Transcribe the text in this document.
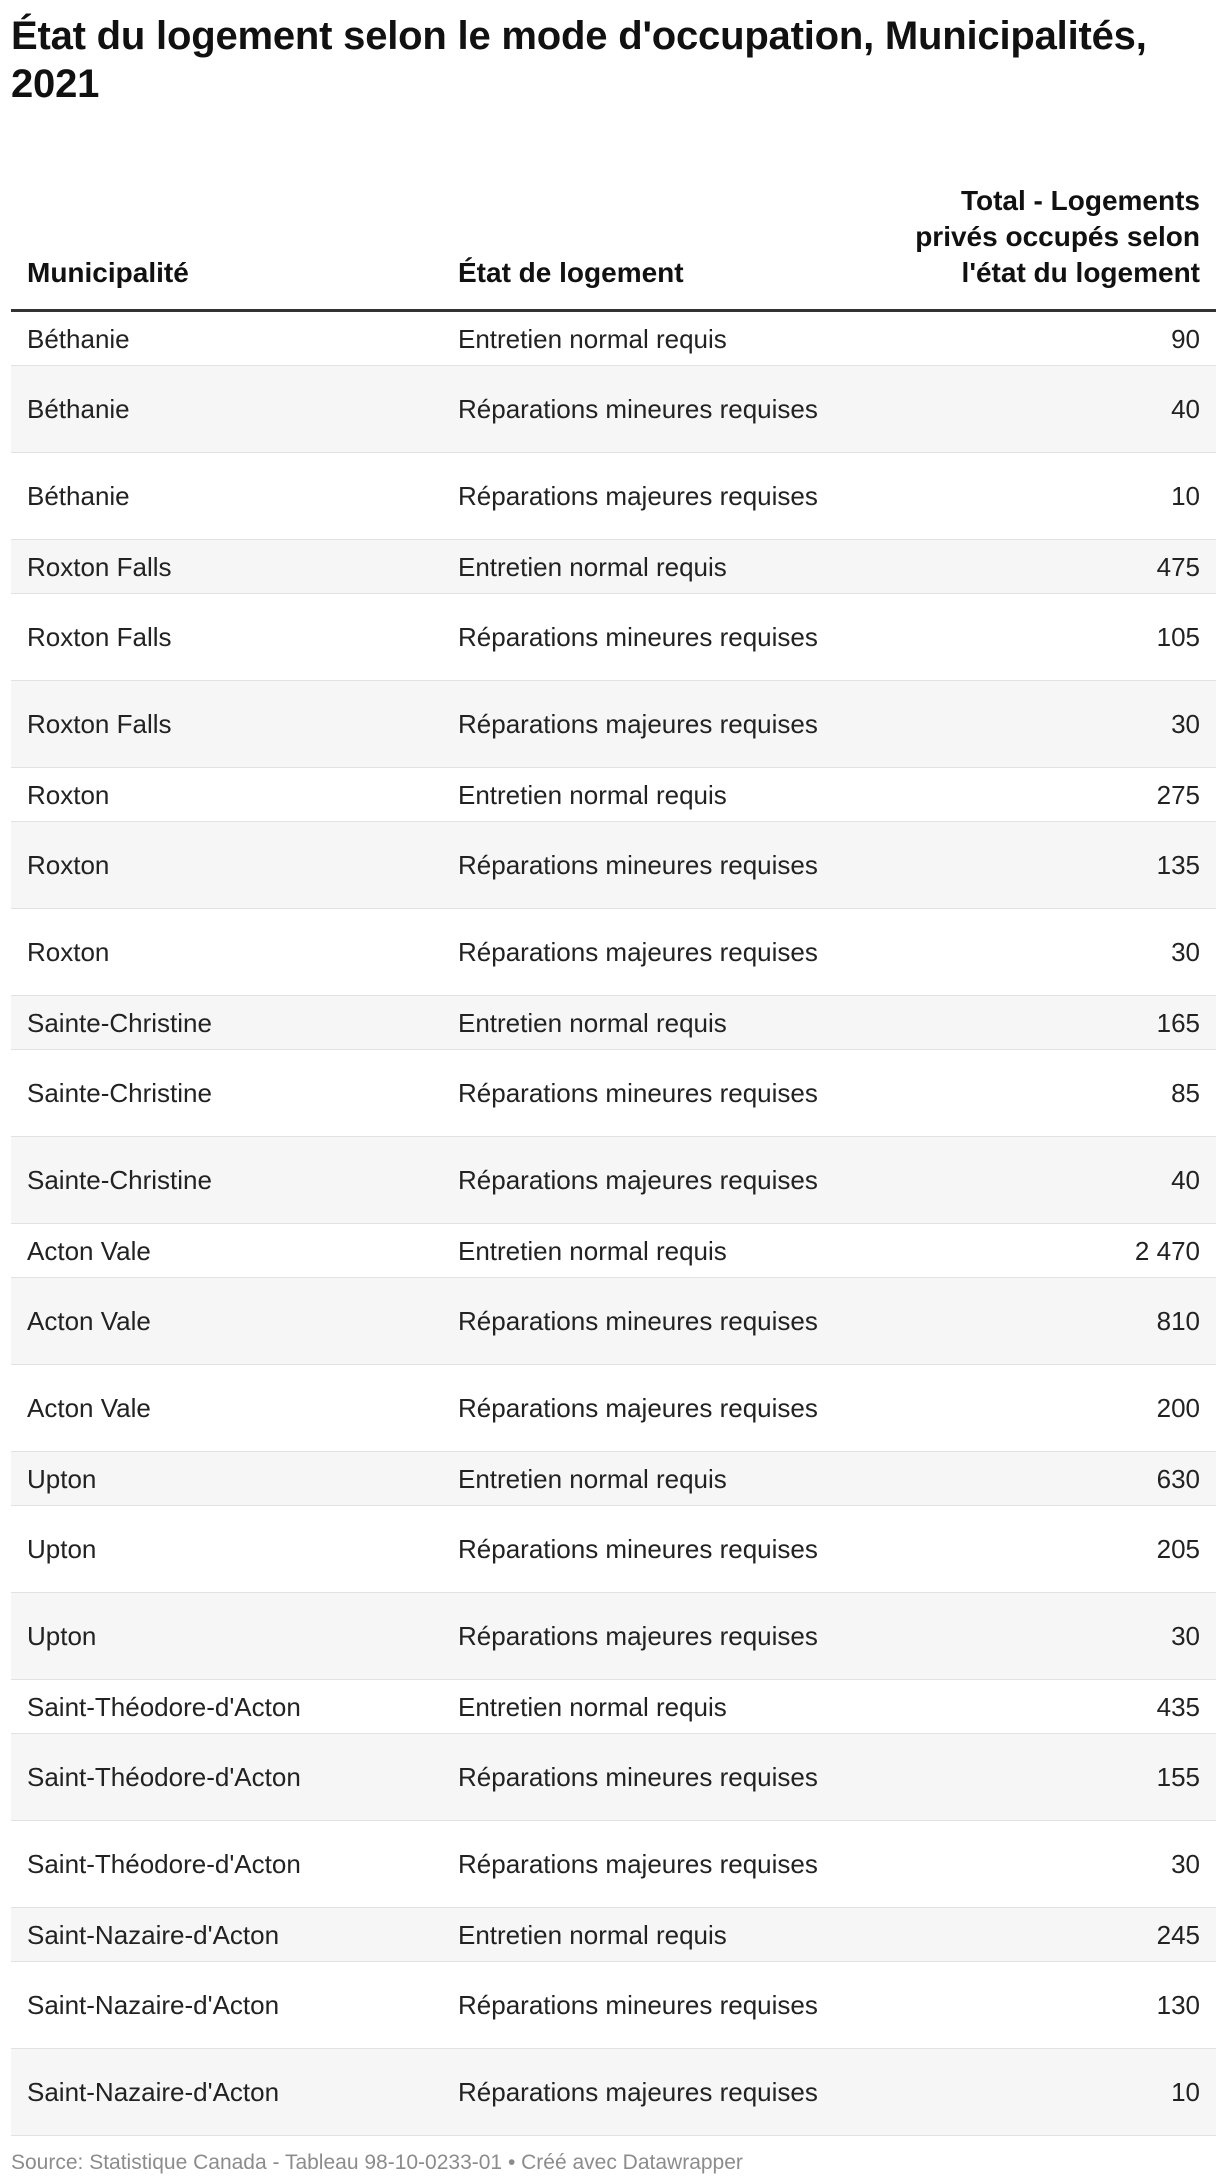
État du logement selon le mode d'occupation, Municipalités, 2021
Municipalité	État de logement	Total - Logements privés occupés selon l'état du logement
Béthanie	Entretien normal requis	90
Béthanie	Réparations mineures requises	40
Béthanie	Réparations majeures requises	10
Roxton Falls	Entretien normal requis	475
Roxton Falls	Réparations mineures requises	105
Roxton Falls	Réparations majeures requises	30
Roxton	Entretien normal requis	275
Roxton	Réparations mineures requises	135
Roxton	Réparations majeures requises	30
Sainte-Christine	Entretien normal requis	165
Sainte-Christine	Réparations mineures requises	85
Sainte-Christine	Réparations majeures requises	40
Acton Vale	Entretien normal requis	2 470
Acton Vale	Réparations mineures requises	810
Acton Vale	Réparations majeures requises	200
Upton	Entretien normal requis	630
Upton	Réparations mineures requises	205
Upton	Réparations majeures requises	30
Saint-Théodore-d'Acton	Entretien normal requis	435
Saint-Théodore-d'Acton	Réparations mineures requises	155
Saint-Théodore-d'Acton	Réparations majeures requises	30
Saint-Nazaire-d'Acton	Entretien normal requis	245
Saint-Nazaire-d'Acton	Réparations mineures requises	130
Saint-Nazaire-d'Acton	Réparations majeures requises	10
Source: Statistique Canada - Tableau 98-10-0233-01 • Créé avec Datawrapper
